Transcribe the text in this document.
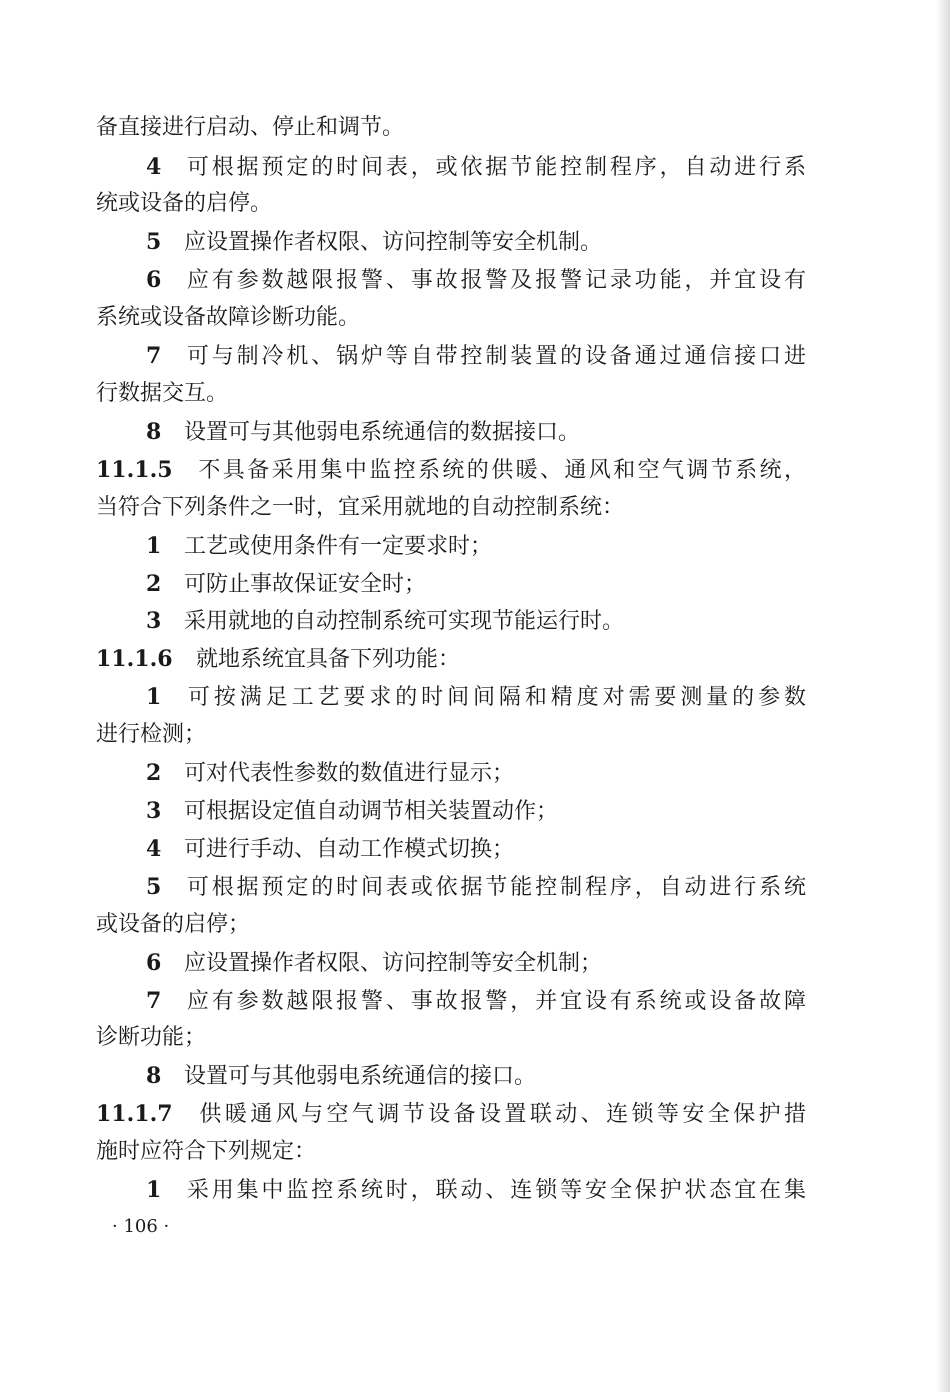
备直接进行启动、停止和调节。
4 可根据预定的时间表，或依据节能控制程序，自动进行系
统或设备的启停。
5 应设置操作者权限、访问控制等安全机制。
6 应有参数越限报警、事故报警及报警记录功能，并宜设有
系统或设备故障诊断功能。
7 可与制冷机、锅炉等自带控制装置的设备通过通信接口进
行数据交互。
8 设置可与其他弱电系统通信的数据接口。
11.1.5 不具备采用集中监控系统的供暖、通风和空气调节系统，
当符合下列条件之一时，宜采用就地的自动控制系统：
1 工艺或使用条件有一定要求时；
2 可防止事故保证安全时；
3 采用就地的自动控制系统可实现节能运行时。
11.1.6 就地系统宜具备下列功能：
1 可按满足工艺要求的时间间隔和精度对需要测量的参数
进行检测；
2 可对代表性参数的数值进行显示；
3 可根据设定值自动调节相关装置动作；
4 可进行手动、自动工作模式切换；
5 可根据预定的时间表或依据节能控制程序，自动进行系统
或设备的启停；
6 应设置操作者权限、访问控制等安全机制；
7 应有参数越限报警、事故报警，并宜设有系统或设备故障
诊断功能；
8 设置可与其他弱电系统通信的接口。
11.1.7 供暖通风与空气调节设备设置联动、连锁等安全保护措
施时应符合下列规定：
1 采用集中监控系统时，联动、连锁等安全保护状态宜在集
· 106 ·
